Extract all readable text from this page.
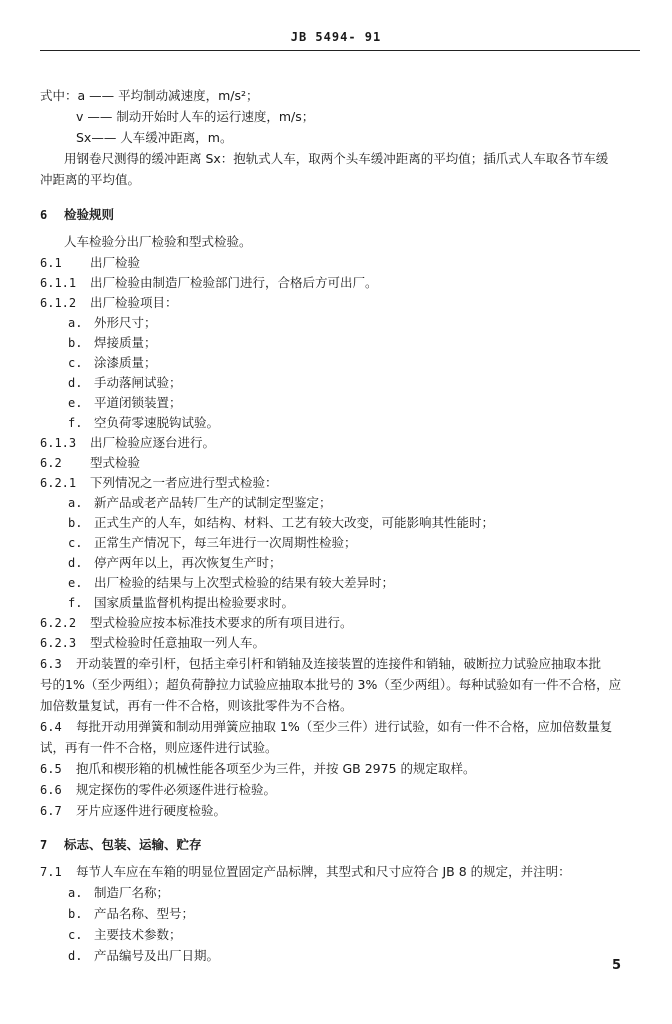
JB 5494- 91
式中：a —— 平均制动减速度，m/s²；
v —— 制动开始时人车的运行速度，m/s；
Sx—— 人车缓冲距离，m。
用钢卷尺测得的缓冲距离 Sx：抱轨式人车，取两个头车缓冲距离的平均值；插爪式人车取各节车缓
冲距离的平均值。
6 检验规则
人车检验分出厂检验和型式检验。
6.1 出厂检验
6.1.1 出厂检验由制造厂检验部门进行，合格后方可出厂。
6.1.2 出厂检验项目：
a. 外形尺寸；
b. 焊接质量；
c. 涂漆质量；
d. 手动落闸试验；
e. 平道闭锁装置；
f. 空负荷零速脱钩试验。
6.1.3 出厂检验应逐台进行。
6.2 型式检验
6.2.1 下列情况之一者应进行型式检验：
a. 新产品或老产品转厂生产的试制定型鉴定；
b. 正式生产的人车，如结构、材料、工艺有较大改变，可能影响其性能时；
c. 正常生产情况下，每三年进行一次周期性检验；
d. 停产两年以上，再次恢复生产时；
e. 出厂检验的结果与上次型式检验的结果有较大差异时；
f. 国家质量监督机构提出检验要求时。
6.2.2 型式检验应按本标准技术要求的所有项目进行。
6.2.3 型式检验时任意抽取一列人车。
6.3 开动装置的牵引杆，包括主牵引杆和销轴及连接装置的连接件和销轴，破断拉力试验应抽取本批
号的1%（至少两组）；超负荷静拉力试验应抽取本批号的 3%（至少两组）。每种试验如有一件不合格，应
加倍数量复试，再有一件不合格，则该批零件为不合格。
6.4 每批开动用弹簧和制动用弹簧应抽取 1%（至少三件）进行试验，如有一件不合格，应加倍数量复
试，再有一件不合格，则应逐件进行试验。
6.5 抱爪和楔形箱的机械性能各项至少为三件，并按 GB 2975 的规定取样。
6.6 规定探伤的零件必须逐件进行检验。
6.7 牙片应逐件进行硬度检验。
7 标志、包装、运输、贮存
7.1 每节人车应在车箱的明显位置固定产品标牌，其型式和尺寸应符合 JB 8 的规定，并注明：
a. 制造厂名称；
b. 产品名称、型号；
c. 主要技术参数；
d. 产品编号及出厂日期。
5
